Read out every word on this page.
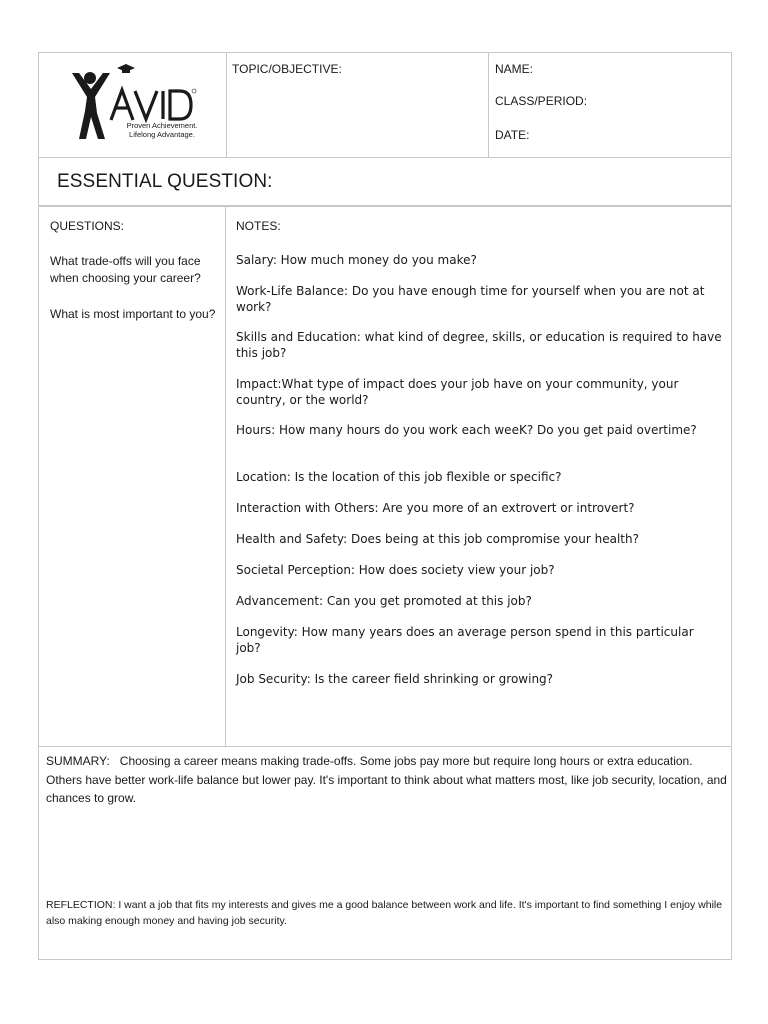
Proven Achievement.
Lifelong Advantage.
TOPIC/OBJECTIVE:	NAME:
CLASS/PERIOD:
DATE:
ESSENTIAL QUESTION:
QUESTIONS:
What trade-offs will you face when choosing your career?
What is most important to you?
NOTES:
Salary: How much money do you make?
Work-Life Balance: Do you have enough time for yourself when you are not at work?
Skills and Education: what kind of degree, skills, or education is required to have this job?
Impact:What type of impact does your job have on your community, your country, or the world?
Hours: How many hours do you work each weeK? Do you get paid overtime?
Location: Is the location of this job flexible or specific?
Interaction with Others: Are you more of an extrovert or introvert?
Health and Safety: Does being at this job compromise your health?
Societal Perception: How does society view your job?
Advancement: Can you get promoted at this job?
Longevity: How many years does an average person spend in this particular job?
Job Security: Is the career field shrinking or growing?
SUMMARY:   Choosing a career means making trade-offs. Some jobs pay more but require long hours or extra education. Others have better work-life balance but lower pay. It's important to think about what matters most, like job security, location, and chances to grow.
REFLECTION: I want a job that fits my interests and gives me a good balance between work and life. It's important to find something I enjoy while also making enough money and having job security.
